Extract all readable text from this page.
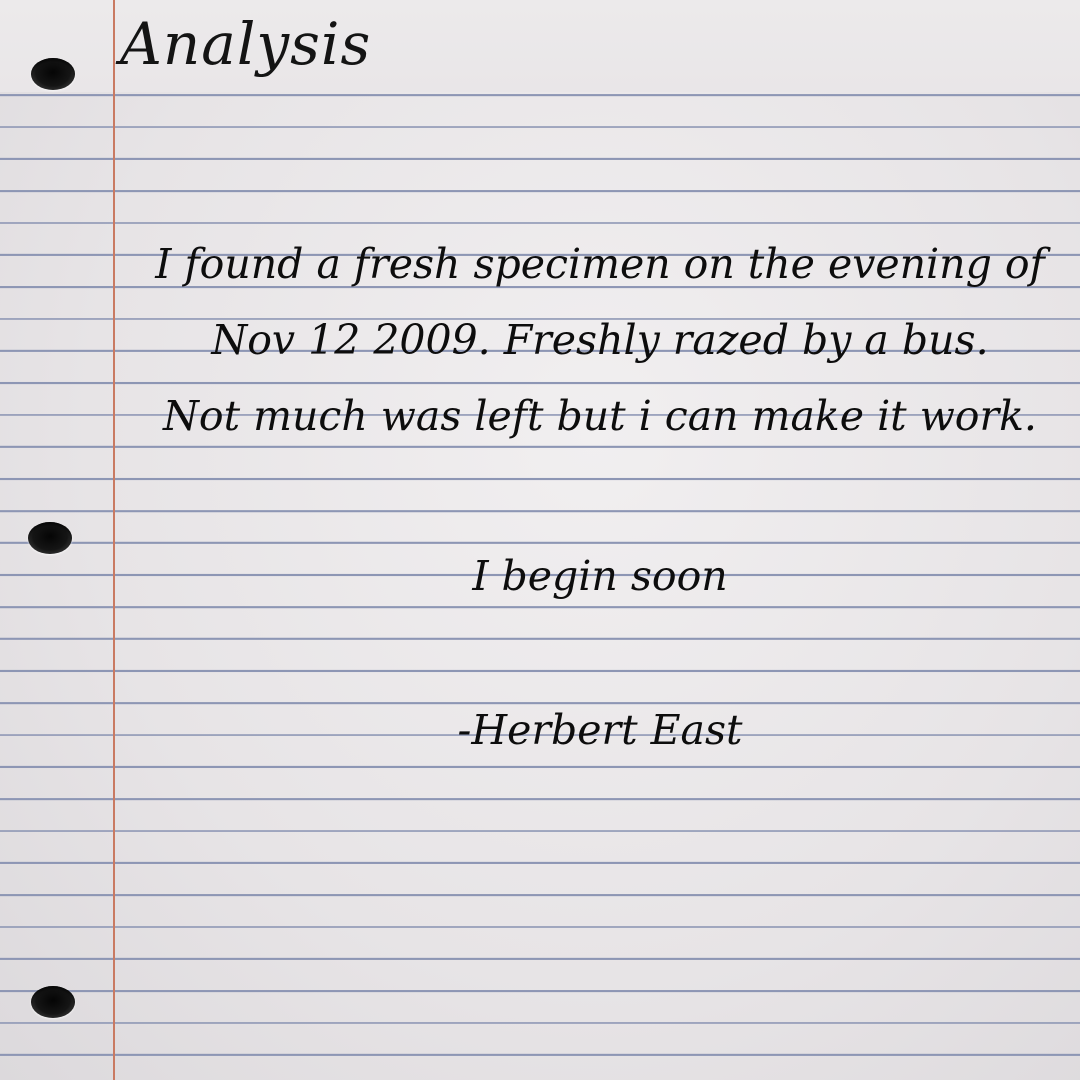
Analysis

I found a fresh specimen on the evening of

Nov 12 2009. Freshly razed by a bus.

Not much was left but i can make it work.

I begin soon

-Herbert East
